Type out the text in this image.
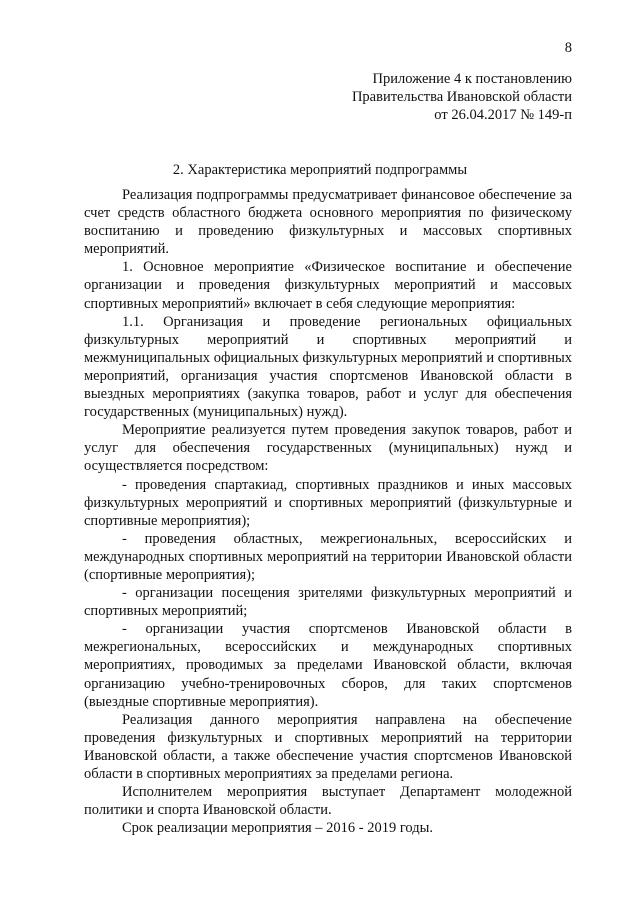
8
Приложение 4 к постановлению
Правительства Ивановской области
от 26.04.2017 № 149-п
2. Характеристика мероприятий подпрограммы

Реализация подпрограммы предусматривает финансовое обеспечение за счет средств областного бюджета основного мероприятия по физическому воспитанию и проведению физкультурных и массовых спортивных мероприятий.

1. Основное мероприятие «Физическое воспитание и обеспечение организации и проведения физкультурных мероприятий и массовых спортивных мероприятий» включает в себя следующие мероприятия:

1.1. Организация и проведение региональных официальных физкультурных мероприятий и спортивных мероприятий и межмуниципальных официальных физкультурных мероприятий и спортивных мероприятий, организация участия спортсменов Ивановской области в выездных мероприятиях (закупка товаров, работ и услуг для обеспечения государственных (муниципальных) нужд).

Мероприятие реализуется путем проведения закупок товаров, работ и услуг для обеспечения государственных (муниципальных) нужд и осуществляется посредством:

- проведения спартакиад, спортивных праздников и иных массовых физкультурных мероприятий и спортивных мероприятий (физкультурные и спортивные мероприятия);

- проведения областных, межрегиональных, всероссийских и международных спортивных мероприятий на территории Ивановской области (спортивные мероприятия);

- организации посещения зрителями физкультурных мероприятий и спортивных мероприятий;

- организации участия спортсменов Ивановской области в межрегиональных, всероссийских и международных спортивных мероприятиях, проводимых за пределами Ивановской области, включая организацию учебно-тренировочных сборов, для таких спортсменов (выездные спортивные мероприятия).

Реализация данного мероприятия направлена на обеспечение проведения физкультурных и спортивных мероприятий на территории Ивановской области, а также обеспечение участия спортсменов Ивановской области в спортивных мероприятиях за пределами региона.

Исполнителем мероприятия выступает Департамент молодежной политики и спорта Ивановской области.

Срок реализации мероприятия – 2016 - 2019 годы.
